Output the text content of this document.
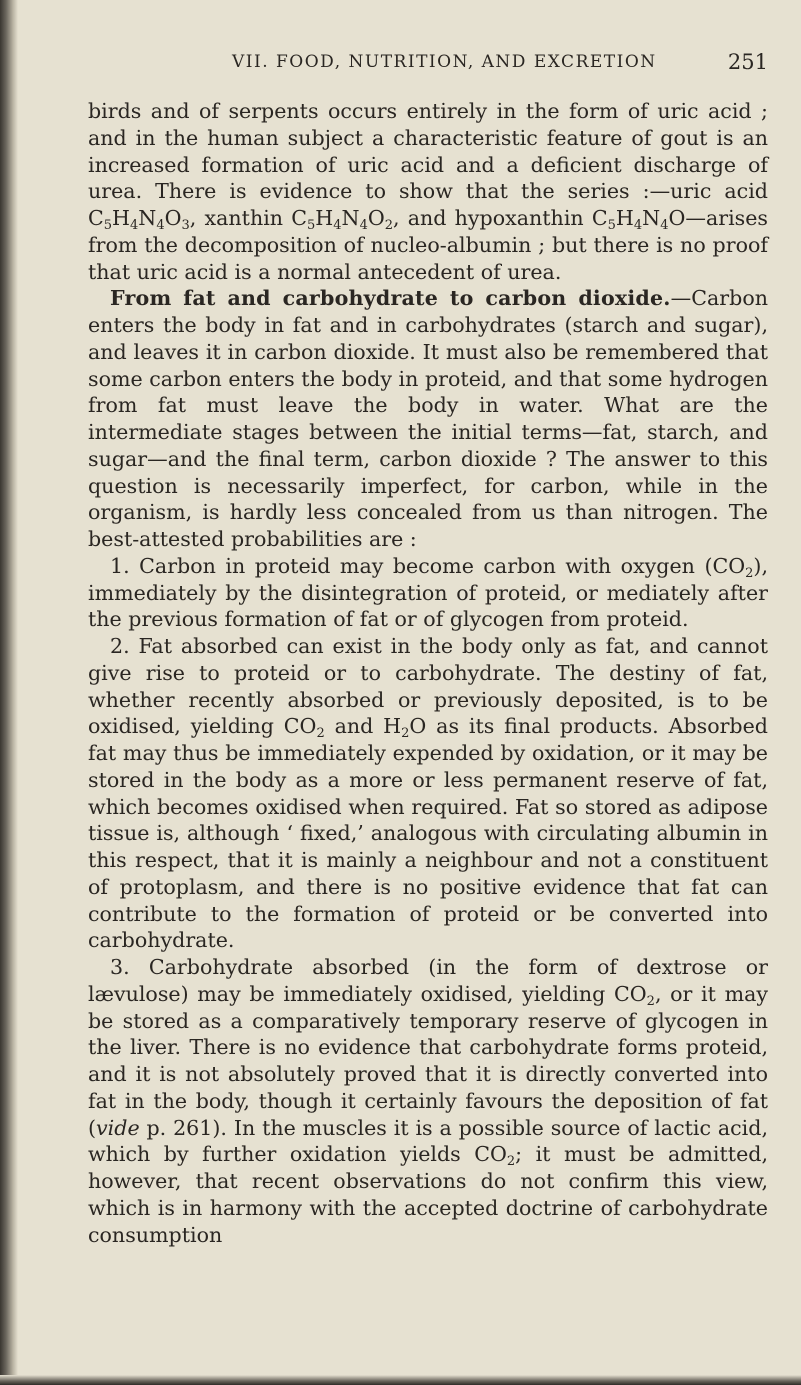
VII. FOOD, NUTRITION, AND EXCRETION	251

birds and of serpents occurs entirely in the form of uric acid ; and in the human subject a characteristic feature of gout is an increased formation of uric acid and a deficient discharge of urea. There is evidence to show that the series :—uric acid $C_5H_4N_4O_3$, xanthin $C_5H_4N_4O_2$, and hypoxanthin $C_5H_4N_4O—arises$ from the decomposition of nucleo-albumin ; but there is no proof that uric acid is a normal antecedent of urea.

From fat and carbohydrate to carbon dioxide.—Carbon enters the body in fat and in carbohydrates (starch and sugar), and leaves it in carbon dioxide. It must also be remembered that some carbon enters the body in proteid, and that some hydrogen from fat must leave the body in water. What are the intermediate stages between the initial terms—fat, starch, and sugar—and the final term, carbon dioxide ? The answer to this question is necessarily imperfect, for carbon, while in the organism, is hardly less concealed from us than nitrogen. The best-attested probabilities are :

1. Carbon in proteid may become carbon with oxygen $(CO_2)$, immediately by the disintegration of proteid, or mediately after the previous formation of fat or of glycogen from proteid.

2. Fat absorbed can exist in the body only as fat, and cannot give rise to proteid or to carbohydrate. The destiny of fat, whether recently absorbed or previously deposited, is to be oxidised, yielding $CO_2$ and $H_2O$ as its final products. Absorbed fat may thus be immediately expended by oxidation, or it may be stored in the body as a more or less permanent reserve of fat, which becomes oxidised when required. Fat so stored as adipose tissue is, although ‘ fixed,’ analogous with circulating albumin in this respect, that it is mainly a neighbour and not a constituent of protoplasm, and there is no positive evidence that fat can contribute to the formation of proteid or be converted into carbohydrate.

3. Carbohydrate absorbed (in the form of dextrose or lævulose) may be immediately oxidised, yielding $CO_2$, or it may be stored as a comparatively temporary reserve of glycogen in the liver. There is no evidence that carbohydrate forms proteid, and it is not absolutely proved that it is directly converted into fat in the body, though it certainly favours the deposition of fat (vide p. 261). In the muscles it is a possible source of lactic acid, which by further oxidation yields $CO_2$; it must be admitted, however, that recent observations do not confirm this view, which is in harmony with the accepted doctrine of carbohydrate consumption
